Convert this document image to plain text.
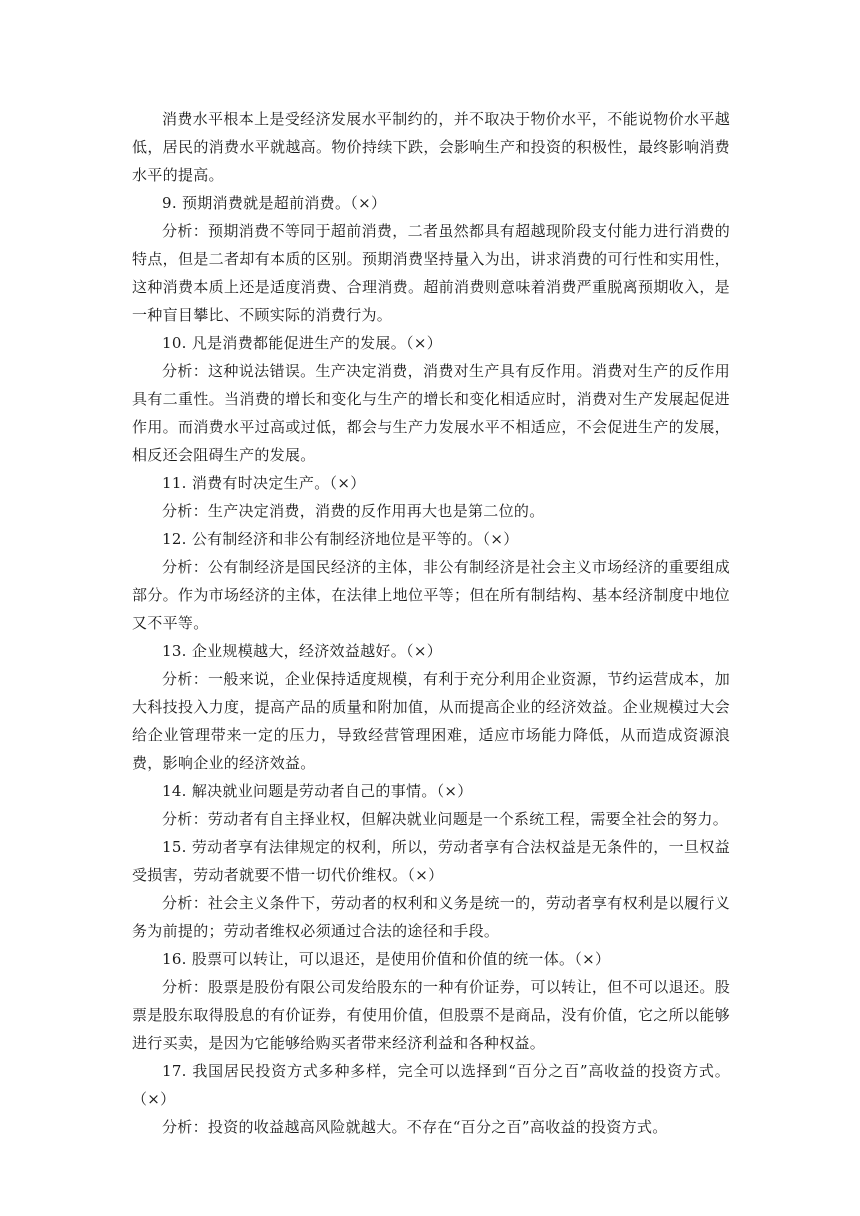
消费水平根本上是受经济发展水平制约的，并不取决于物价水平，不能说物价水平越低，居民的消费水平就越高。物价持续下跌，会影响生产和投资的积极性，最终影响消费水平的提高。

9. 预期消费就是超前消费。（×）

分析：预期消费不等同于超前消费，二者虽然都具有超越现阶段支付能力进行消费的特点，但是二者却有本质的区别。预期消费坚持量入为出，讲求消费的可行性和实用性，这种消费本质上还是适度消费、合理消费。超前消费则意味着消费严重脱离预期收入，是一种盲目攀比、不顾实际的消费行为。

10. 凡是消费都能促进生产的发展。（×）

分析：这种说法错误。生产决定消费，消费对生产具有反作用。消费对生产的反作用具有二重性。当消费的增长和变化与生产的增长和变化相适应时，消费对生产发展起促进作用。而消费水平过高或过低，都会与生产力发展水平不相适应，不会促进生产的发展，相反还会阻碍生产的发展。

11. 消费有时决定生产。（×）

分析：生产决定消费，消费的反作用再大也是第二位的。

12. 公有制经济和非公有制经济地位是平等的。（×）

分析：公有制经济是国民经济的主体，非公有制经济是社会主义市场经济的重要组成部分。作为市场经济的主体，在法律上地位平等；但在所有制结构、基本经济制度中地位又不平等。

13. 企业规模越大，经济效益越好。（×）

分析：一般来说，企业保持适度规模，有利于充分利用企业资源，节约运营成本，加大科技投入力度，提高产品的质量和附加值，从而提高企业的经济效益。企业规模过大会给企业管理带来一定的压力，导致经营管理困难，适应市场能力降低，从而造成资源浪费，影响企业的经济效益。

14. 解决就业问题是劳动者自己的事情。（×）

分析：劳动者有自主择业权，但解决就业问题是一个系统工程，需要全社会的努力。

15. 劳动者享有法律规定的权利，所以，劳动者享有合法权益是无条件的，一旦权益受损害，劳动者就要不惜一切代价维权。（×）

分析：社会主义条件下，劳动者的权利和义务是统一的，劳动者享有权利是以履行义务为前提的；劳动者维权必须通过合法的途径和手段。

16. 股票可以转让，可以退还，是使用价值和价值的统一体。（×）

分析：股票是股份有限公司发给股东的一种有价证券，可以转让，但不可以退还。股票是股东取得股息的有价证券，有使用价值，但股票不是商品，没有价值，它之所以能够进行买卖，是因为它能够给购买者带来经济利益和各种权益。

17. 我国居民投资方式多种多样，完全可以选择到“百分之百”高收益的投资方式。（×）

分析：投资的收益越高风险就越大。不存在“百分之百”高收益的投资方式。
